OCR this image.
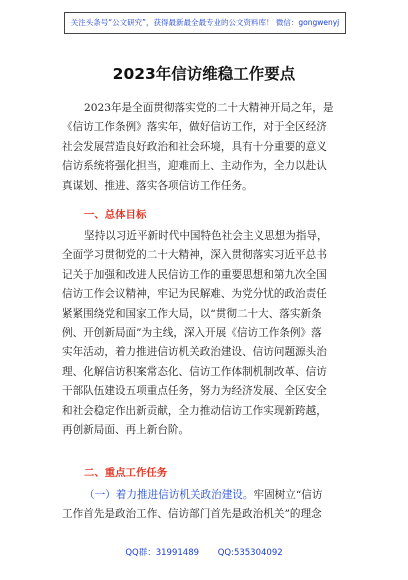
关注头条号“公文研究”，获得最新最全最专业的公文资料库！ 微信：gongwenyj
2023年信访维稳工作要点
2023年是全面贯彻落实党的二十大精神开局之年，是
《信访工作条例》落实年，做好信访工作，对于全区经济
社会发展营造良好政治和社会环境，具有十分重要的意义
信访系统将强化担当，迎难而上、主动作为，全力以赴认
真谋划、推进、落实各项信访工作任务。
一、总体目标
坚持以习近平新时代中国特色社会主义思想为指导，
全面学习贯彻党的二十大精神，深入贯彻落实习近平总书
记关于加强和改进人民信访工作的重要思想和第九次全国
信访工作会议精神，牢记为民解难、为党分忧的政治责任
紧紧围绕党和国家工作大局，以“贯彻二十大、落实新条
例、开创新局面”为主线，深入开展《信访工作条例》落
实年活动，着力推进信访机关政治建设、信访问题源头治
理、化解信访积案常态化、信访工作体制机制改革、信访
干部队伍建设五项重点任务，努力为经济发展、全区安全
和社会稳定作出新贡献，全力推动信访工作实现新跨越，
再创新局面、再上新台阶。
二、重点工作任务
（一）着力推进信访机关政治建设。牢固树立“信访
工作首先是政治工作、信访部门首先是政治机关”的理念
QQ群：31991489 QQ:535304092
